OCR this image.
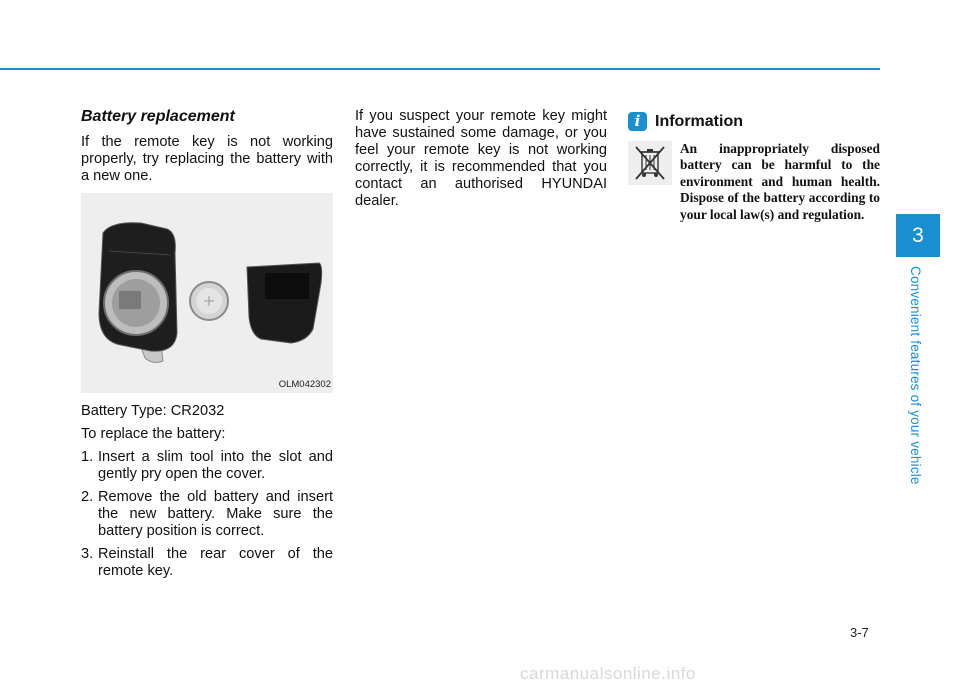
Battery replacement

If the remote key is not working properly, try replacing the battery with a new one.

OLM042302

Battery Type: CR2032

To replace the battery:

1. Insert a slim tool into the slot and gently pry open the cover.
2. Remove the old battery and insert the new battery. Make sure the battery position is correct.
3. Reinstall the rear cover of the remote key.

If you suspect your remote key might have sustained some damage, or you feel your remote key is not working correctly, it is recommended that you contact an authorised HYUNDAI dealer.

i Information
An inappropriately disposed battery can be harmful to the environment and human health. Dispose of the battery according to your local law(s) and regulation.
3
Convenient features of your vehicle
3-7
carmanualsonline.info
